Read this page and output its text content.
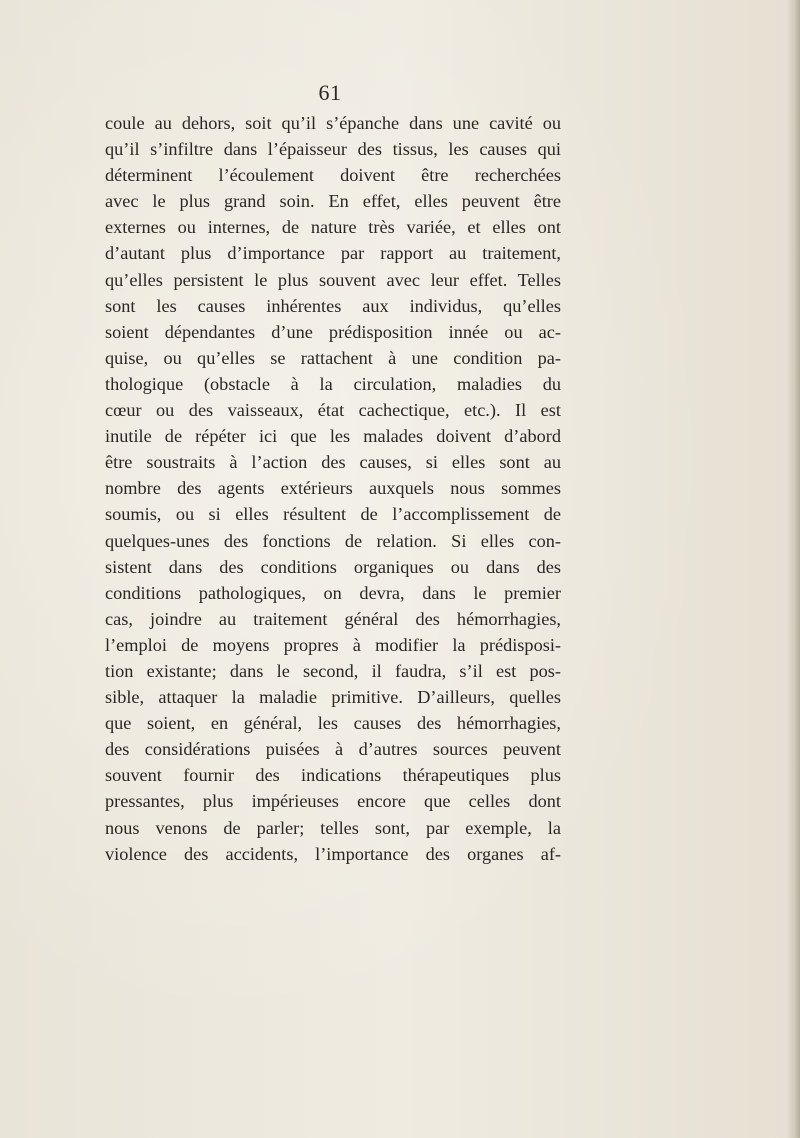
61
coule au dehors, soit qu’il s’épanche dans une cavité ou
qu’il s’infiltre dans l’épaisseur des tissus, les causes qui
déterminent l’écoulement doivent être recherchées
avec le plus grand soin. En effet, elles peuvent être
externes ou internes, de nature très variée, et elles ont
d’autant plus d’importance par rapport au traitement,
qu’elles persistent le plus souvent avec leur effet. Telles
sont les causes inhérentes aux individus, qu’elles
soient dépendantes d’une prédisposition innée ou ac-
quise, ou qu’elles se rattachent à une condition pa-
thologique (obstacle à la circulation, maladies du
cœur ou des vaisseaux, état cachectique, etc.). Il est
inutile de répéter ici que les malades doivent d’abord
être soustraits à l’action des causes, si elles sont au
nombre des agents extérieurs auxquels nous sommes
soumis, ou si elles résultent de l’accomplissement de
quelques-unes des fonctions de relation. Si elles con-
sistent dans des conditions organiques ou dans des
conditions pathologiques, on devra, dans le premier
cas, joindre au traitement général des hémorrhagies,
l’emploi de moyens propres à modifier la prédisposi-
tion existante; dans le second, il faudra, s’il est pos-
sible, attaquer la maladie primitive. D’ailleurs, quelles
que soient, en général, les causes des hémorrhagies,
des considérations puisées à d’autres sources peuvent
souvent fournir des indications thérapeutiques plus
pressantes, plus impérieuses encore que celles dont
nous venons de parler; telles sont, par exemple, la
violence des accidents, l’importance des organes af-
